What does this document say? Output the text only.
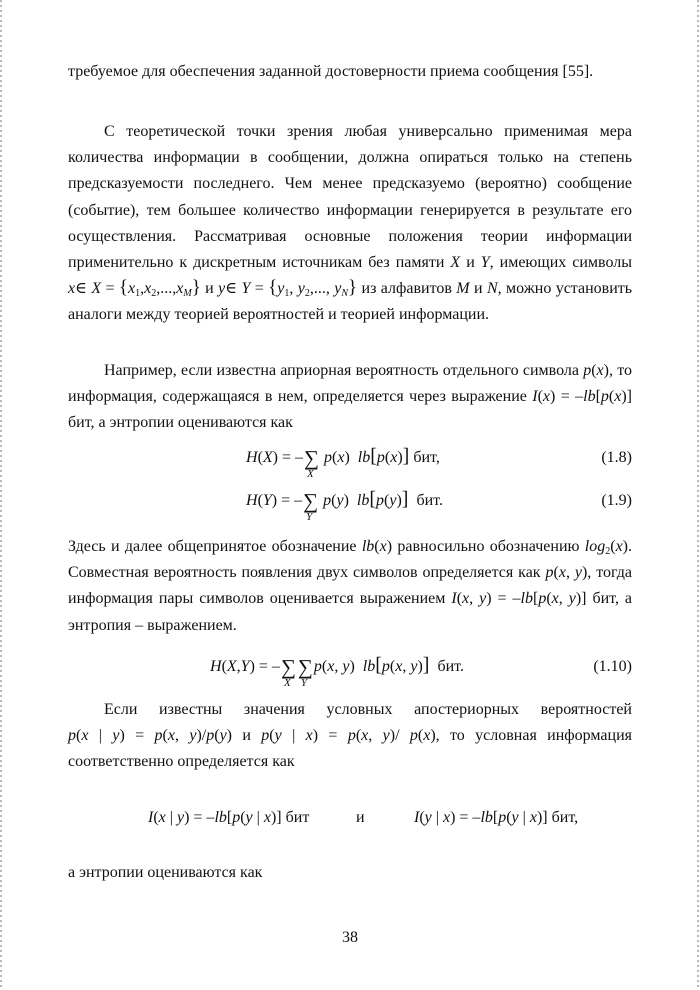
требуемое для обеспечения заданной достоверности приема сообщения [55].

С теоретической точки зрения любая универсально применимая мера количества информации в сообщении, должна опираться только на степень предсказуемости последнего. Чем менее предсказуемо (вероятно) сообщение (событие), тем большее количество информации генерируется в результате его осуществления. Рассматривая основные положения теории информации применительно к дискретным источникам без памяти X и Y, имеющих символы x∈ $X = \{x_1,x_2,...,x_M\}$ и y∈ $Y = \{y_1$, $y_2$,..., $y_N$} из алфавитов M и N, можно установить аналоги между теорией вероятностей и теорией информации.

Например, если известна априорная вероятность отдельного символа p(x), то информация, содержащаяся в нем, определяется через выражение I(x) = –lb[p(x)] бит, а энтропии оцениваются как

H(X) = –∑
X
p(x)  lb[p(x)] бит,	(1.8)
H(Y) = –∑
Y
p(y)  lb[p(y)] бит.	(1.9)

Здесь и далее общепринятое обозначение lb(x) равносильно обозначению $\log_2(x)$. Совместная вероятность появления двух символов определяется как p(x, y), тогда информация пары символов оценивается выражением I(x, y) = –lb[p(x, y)] бит, а энтропия – выражением.

H(X,Y) = –∑
X
∑
Y
p(x, y)  lb[p(x, y)] бит.	(1.10)

Если известны значения условных апостериорных вероятностей p(x | y) = p(x, y)/p(y) и p(y | x) = p(x, y)/ p(x), то условная информация соответственно определяется как

I(x | y) = –lb[p(y | x)] бит	и	I(y | x) = –lb[p(y | x)] бит,

а энтропии оцениваются как

38
